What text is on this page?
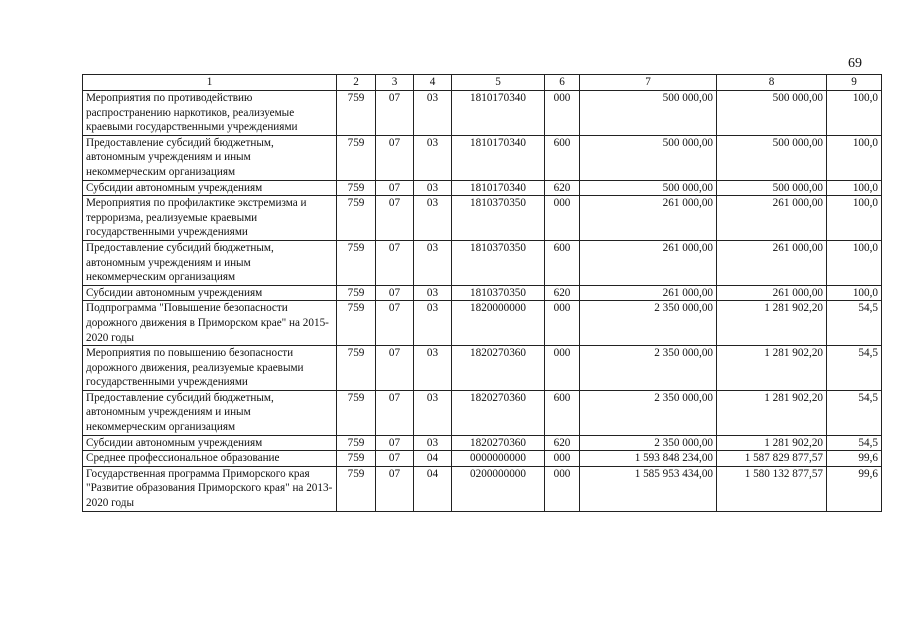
69
1	2	3	4	5	6	7	8	9
Мероприятия по противодействию распространению наркотиков, реализуемые краевыми государственными учреждениями	759	07	03	1810170340	000	500 000,00	500 000,00	100,0
Предоставление субсидий бюджетным, автономным учреждениям и иным некоммерческим организациям	759	07	03	1810170340	600	500 000,00	500 000,00	100,0
Субсидии автономным учреждениям	759	07	03	1810170340	620	500 000,00	500 000,00	100,0
Мероприятия по профилактике экстремизма и терроризма, реализуемые краевыми государственными учреждениями	759	07	03	1810370350	000	261 000,00	261 000,00	100,0
Предоставление субсидий бюджетным, автономным учреждениям и иным некоммерческим организациям	759	07	03	1810370350	600	261 000,00	261 000,00	100,0
Субсидии автономным учреждениям	759	07	03	1810370350	620	261 000,00	261 000,00	100,0
Подпрограмма "Повышение безопасности дорожного движения в Приморском крае" на 2015-2020 годы	759	07	03	1820000000	000	2 350 000,00	1 281 902,20	54,5
Мероприятия по повышению безопасности дорожного движения, реализуемые краевыми государственными учреждениями	759	07	03	1820270360	000	2 350 000,00	1 281 902,20	54,5
Предоставление субсидий бюджетным, автономным учреждениям и иным некоммерческим организациям	759	07	03	1820270360	600	2 350 000,00	1 281 902,20	54,5
Субсидии автономным учреждениям	759	07	03	1820270360	620	2 350 000,00	1 281 902,20	54,5
Среднее профессиональное образование	759	07	04	0000000000	000	1 593 848 234,00	1 587 829 877,57	99,6
Государственная программа Приморского края "Развитие образования Приморского края" на 2013-2020 годы	759	07	04	0200000000	000	1 585 953 434,00	1 580 132 877,57	99,6
